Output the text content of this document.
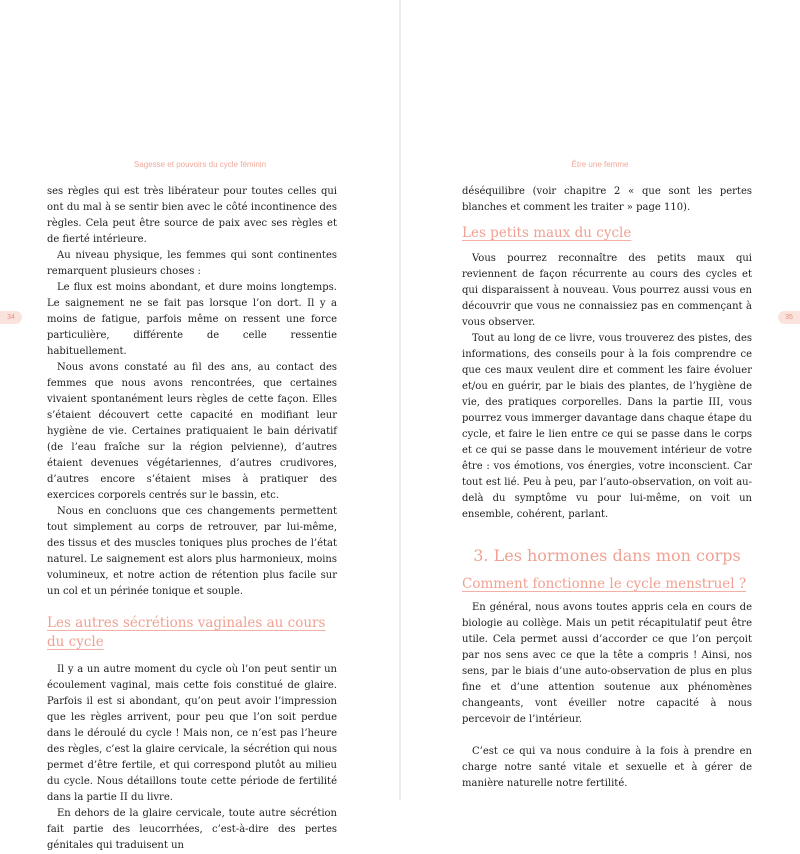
Sagesse et pouvoirs du cycle féminin
34

ses règles qui est très libérateur pour toutes celles qui ont du mal à se sentir bien avec le côté incontinence des règles. Cela peut être source de paix avec ses règles et de fierté intérieure.

Au niveau physique, les femmes qui sont continentes remarquent plusieurs choses :

Le flux est moins abondant, et dure moins longtemps. Le saignement ne se fait pas lorsque l’on dort. Il y a moins de fatigue, parfois même on ressent une force particulière, différente de celle ressentie habituellement.

Nous avons constaté au fil des ans, au contact des femmes que nous avons rencontrées, que certaines vivaient spontanément leurs règles de cette façon. Elles s’étaient découvert cette capacité en modifiant leur hygiène de vie. Certaines pratiquaient le bain dérivatif (de l’eau fraîche sur la région pelvienne), d’autres étaient devenues végétariennes, d’autres crudivores, d’autres encore s’étaient mises à pratiquer des exercices corporels centrés sur le bassin, etc.

Nous en concluons que ces changements permettent tout simplement au corps de retrouver, par lui-même, des tissus et des muscles toniques plus proches de l’état naturel. Le saignement est alors plus harmonieux, moins volumineux, et notre action de rétention plus facile sur un col et un périnée tonique et souple.

Les autres sécrétions vaginales au cours du cycle

Il y a un autre moment du cycle où l’on peut sentir un écoulement vaginal, mais cette fois constitué de glaire. Parfois il est si abondant, qu’on peut avoir l’impression que les règles arrivent, pour peu que l’on soit perdue dans le déroulé du cycle ! Mais non, ce n’est pas l’heure des règles, c’est la glaire cervicale, la sécrétion qui nous permet d’être fertile, et qui correspond plutôt au milieu du cycle. Nous détaillons toute cette période de fertilité dans la partie II du livre.

En dehors de la glaire cervicale, toute autre sécrétion fait partie des leucorrhées, c’est-à-dire des pertes génitales qui traduisent un

Être une femme
35

déséquilibre (voir chapitre 2 « que sont les pertes blanches et comment les traiter » page 110).

Les petits maux du cycle

Vous pourrez reconnaître des petits maux qui reviennent de façon récurrente au cours des cycles et qui disparaissent à nouveau. Vous pourrez aussi vous en découvrir que vous ne connaissiez pas en commençant à vous observer.

Tout au long de ce livre, vous trouverez des pistes, des informations, des conseils pour à la fois comprendre ce que ces maux veulent dire et comment les faire évoluer et/ou en guérir, par le biais des plantes, de l’hygiène de vie, des pratiques corporelles. Dans la partie III, vous pourrez vous immerger davantage dans chaque étape du cycle, et faire le lien entre ce qui se passe dans le corps et ce qui se passe dans le mouvement intérieur de votre être : vos émotions, vos énergies, votre inconscient. Car tout est lié. Peu à peu, par l’auto-observation, on voit au-delà du symptôme vu pour lui-même, on voit un ensemble, cohérent, parlant.

3. Les hormones dans mon corps
Comment fonctionne le cycle menstruel ?

En général, nous avons toutes appris cela en cours de biologie au collège. Mais un petit récapitulatif peut être utile. Cela permet aussi d’accorder ce que l’on perçoit par nos sens avec ce que la tête a compris ! Ainsi, nos sens, par le biais d’une auto-observation de plus en plus fine et d’une attention soutenue aux phénomènes changeants, vont éveiller notre capacité à nous percevoir de l’intérieur.

C’est ce qui va nous conduire à la fois à prendre en charge notre santé vitale et sexuelle et à gérer de manière naturelle notre fertilité.
